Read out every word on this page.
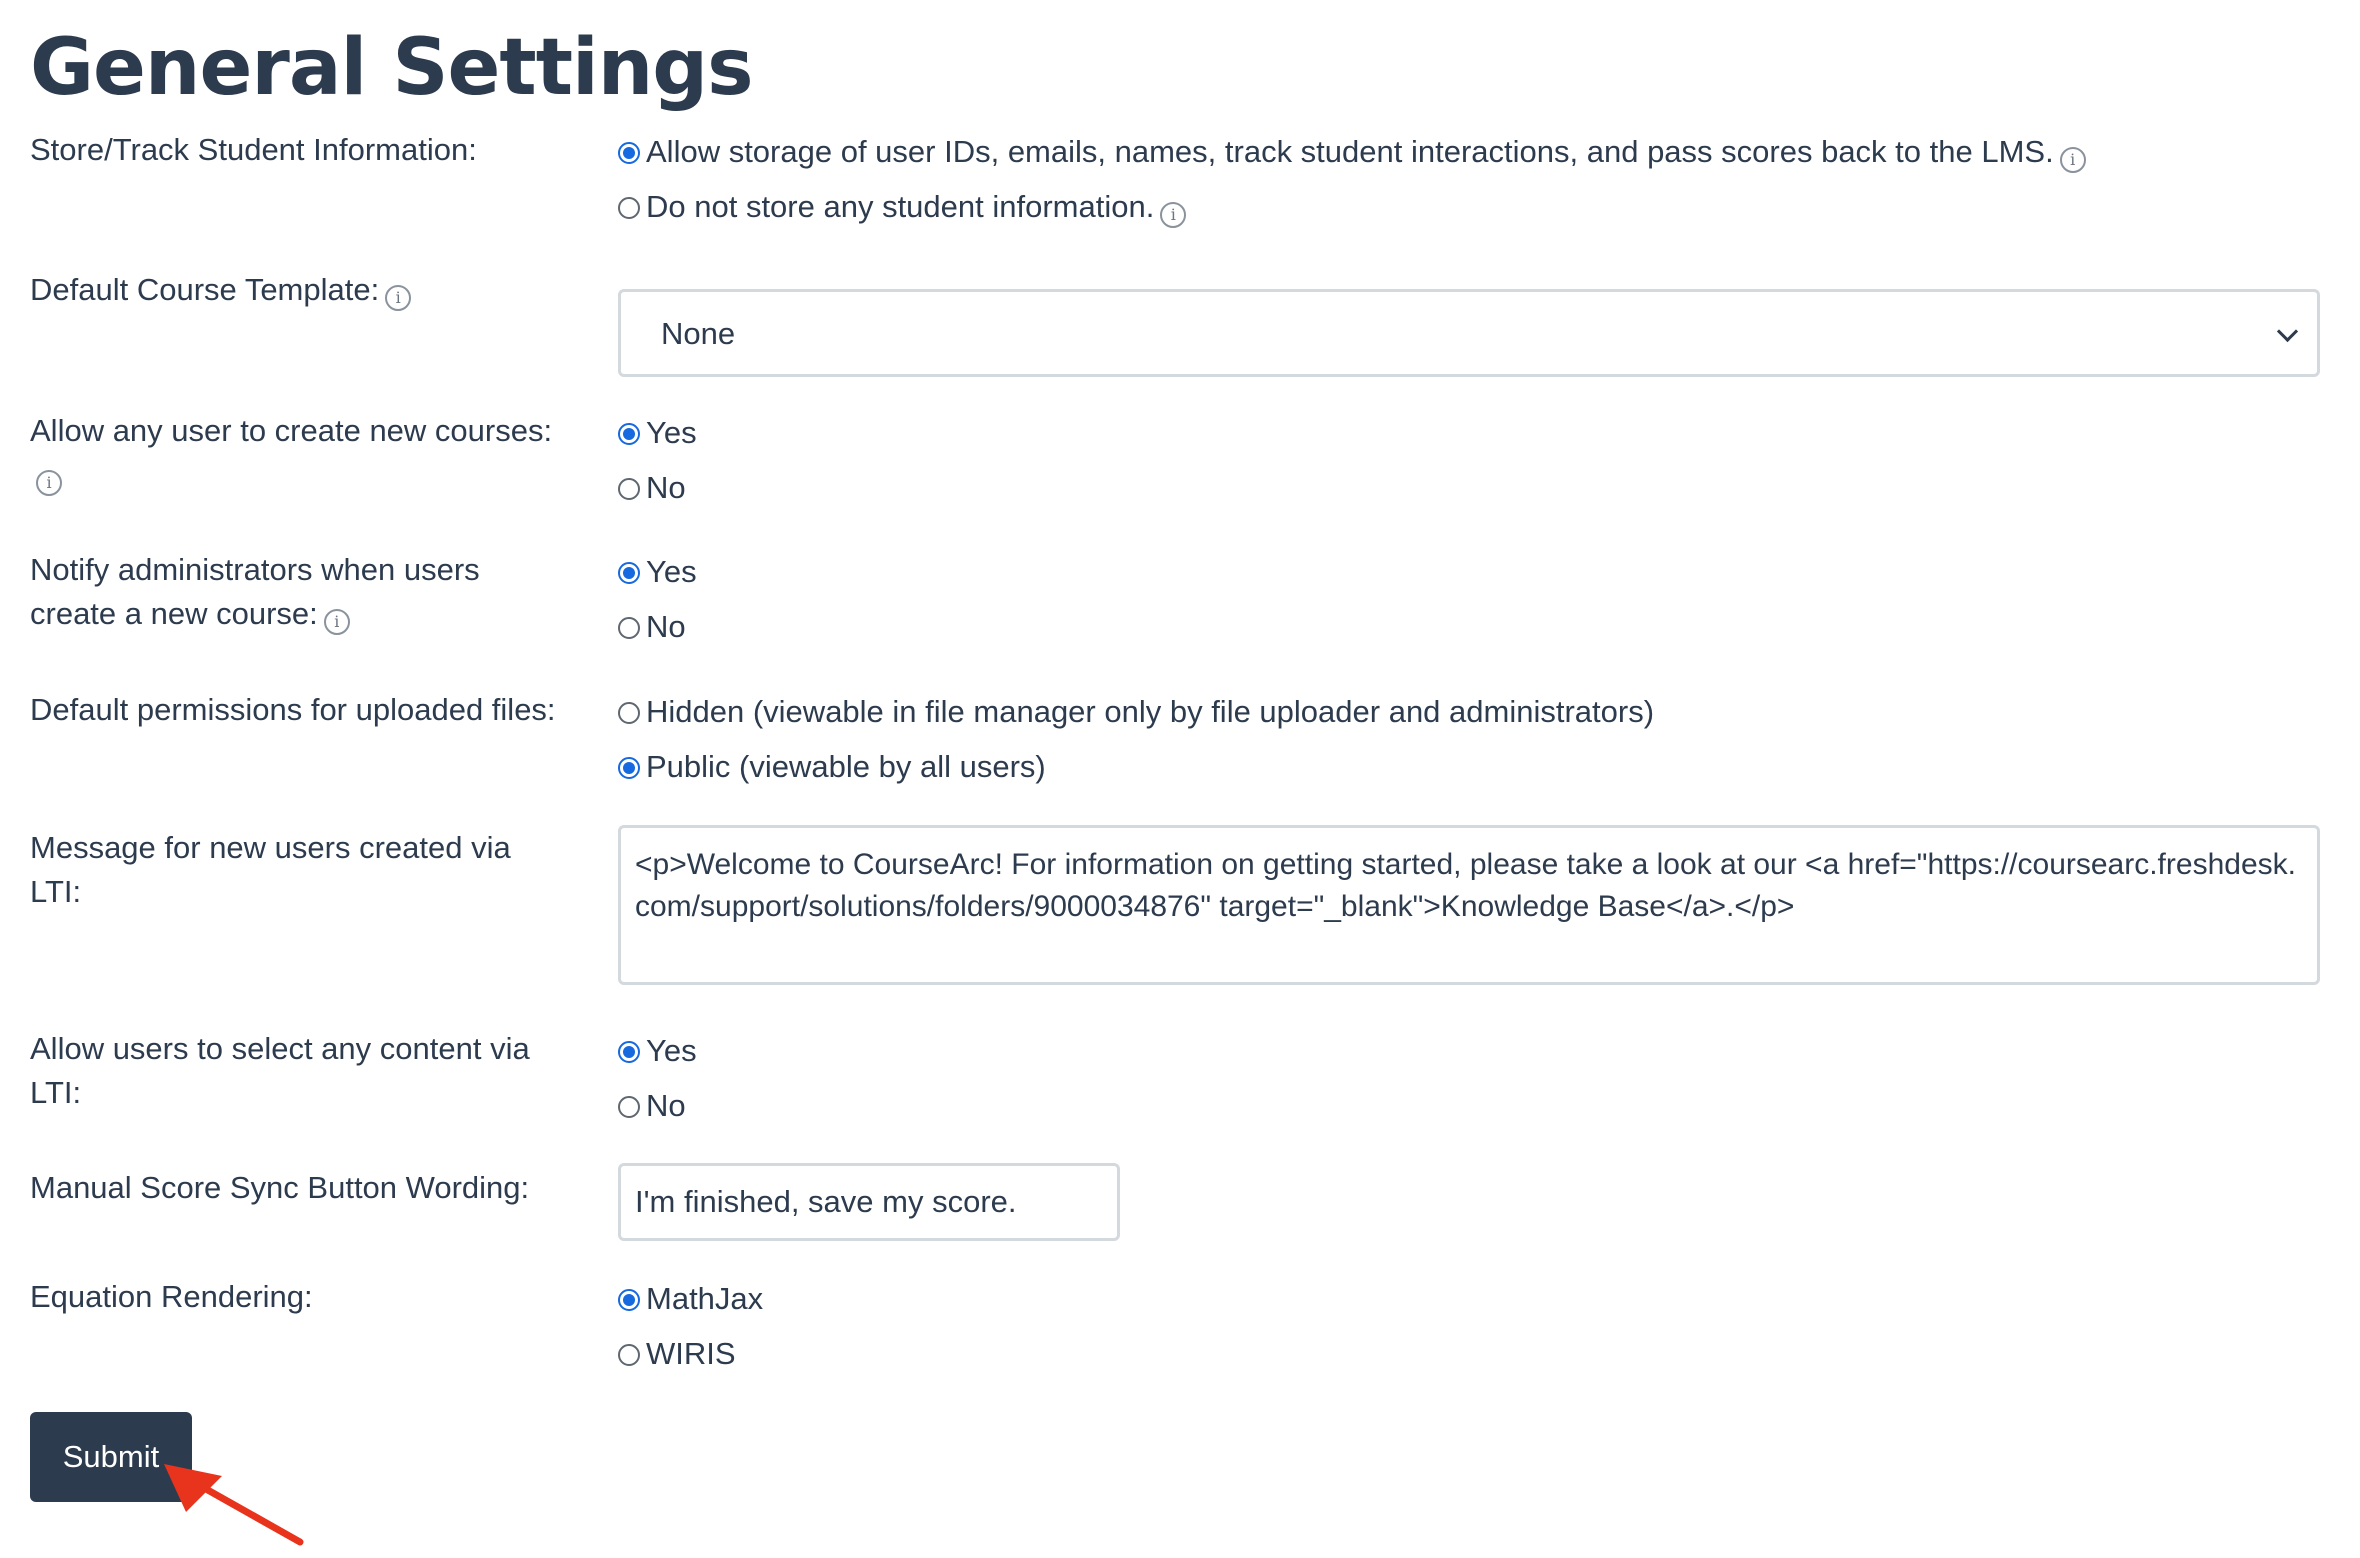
General Settings
Store/Track Student Information:	Allow storage of user IDs, emails, names, track student interactions, and pass scores back to the LMS. i
Do not store any student information. i
Default Course Template: i
None
Allow any user to create new courses:i
Yes
No
Notify administrators when users
create a new course: i
Yes
No
Default permissions for uploaded files:	Hidden (viewable in file manager only by file uploader and administrators)
Public (viewable by all users)
Message for new users created via LTI:
<p>Welcome to CourseArc! For information on getting started, please take a look at our <a href="https://coursearc.freshdesk.com/support/solutions/folders/9000034876" target="_blank">Knowledge Base</a>.</p>
Allow users to select any content via
LTI:
Yes
No
Manual Score Sync Button Wording:	I'm finished, save my score.
Equation Rendering:	MathJax
WIRIS
Submit
